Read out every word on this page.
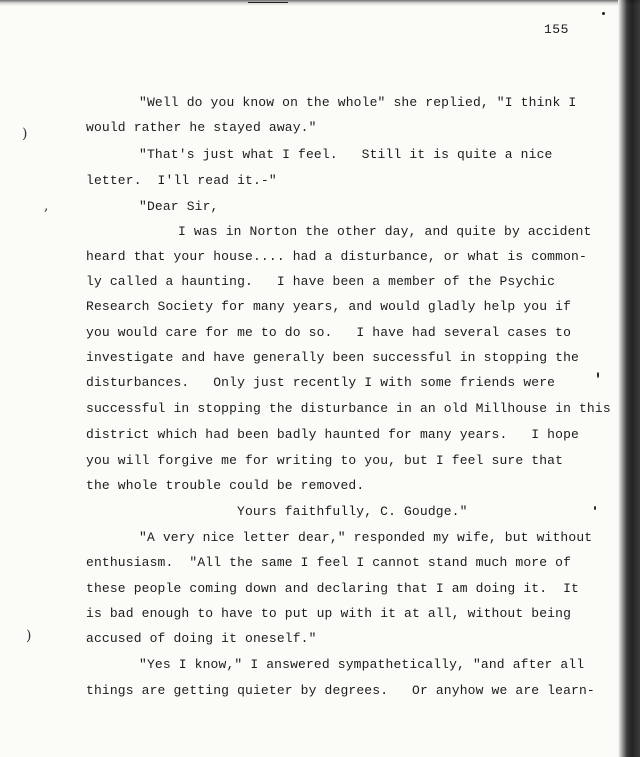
155
)
,
)
"Well do you know on the whole" she replied, "I think I
would rather he stayed away."
"That's just what I feel.   Still it is quite a nice
letter.  I'll read it.-"
"Dear Sir,
I was in Norton the other day, and quite by accident
heard that your house.... had a disturbance, or what is common-
ly called a haunting.   I have been a member of the Psychic
Research Society for many years, and would gladly help you if
you would care for me to do so.   I have had several cases to
investigate and have generally been successful in stopping the
disturbances.   Only just recently I with some friends were
successful in stopping the disturbance in an old Millhouse in this
district which had been badly haunted for many years.   I hope
you will forgive me for writing to you, but I feel sure that
the whole trouble could be removed.
Yours faithfully, C. Goudge."
"A very nice letter dear," responded my wife, but without
enthusiasm.  "All the same I feel I cannot stand much more of
these people coming down and declaring that I am doing it.  It
is bad enough to have to put up with it at all, without being
accused of doing it oneself."
"Yes I know," I answered sympathetically, "and after all
things are getting quieter by degrees.   Or anyhow we are learn-
